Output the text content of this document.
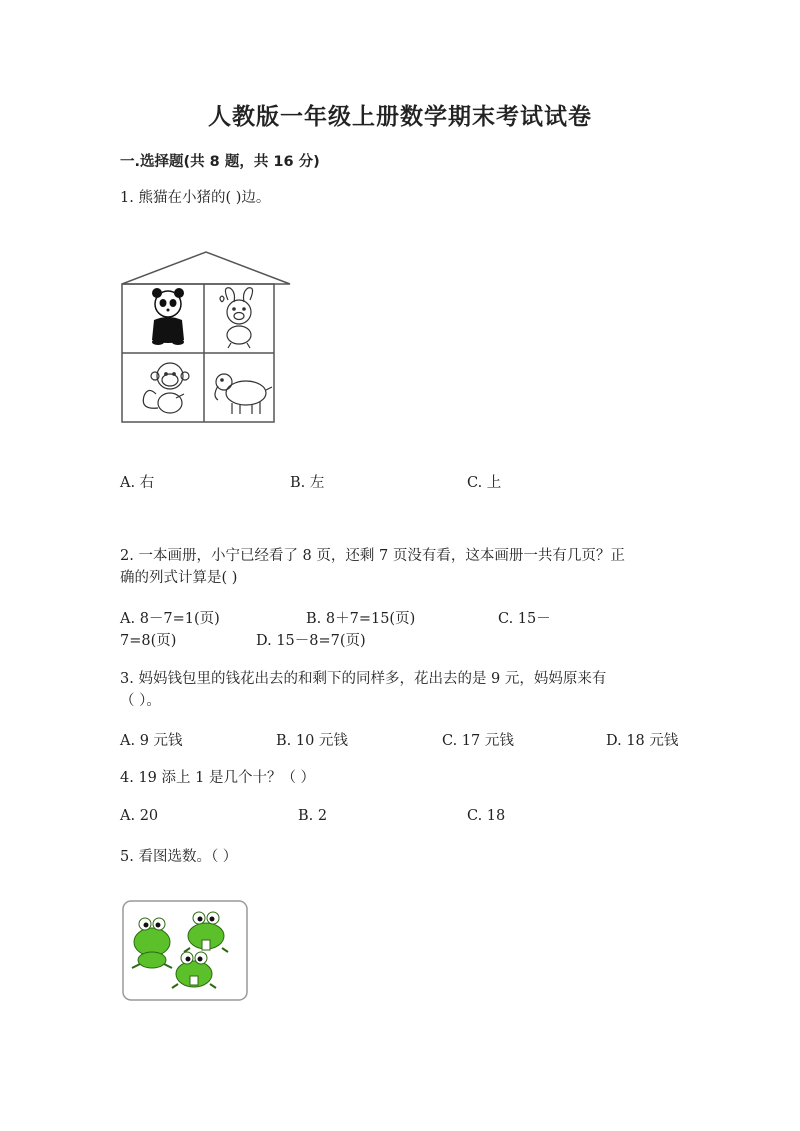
人教版一年级上册数学期末考试试卷
一.选择题(共 8 题，共 16 分)
1. 熊猫在小猪的( )边。
A. 右	B. 左	C. 上
2. 一本画册，小宁已经看了 8 页，还剩 7 页没有看，这本画册一共有几页？正
确的列式计算是( )
A. 8－7=1(页)	B. 8＋7=15(页)	C. 15－
7=8(页)	D. 15－8=7(页)
3. 妈妈钱包里的钱花出去的和剩下的同样多，花出去的是 9 元，妈妈原来有
（ ）。
A. 9 元钱	B. 10 元钱	C. 17 元钱	D. 18 元钱
4. 19 添上 1 是几个十？（ ）
A. 20	B. 2	C. 18
5. 看图选数。（ ）
